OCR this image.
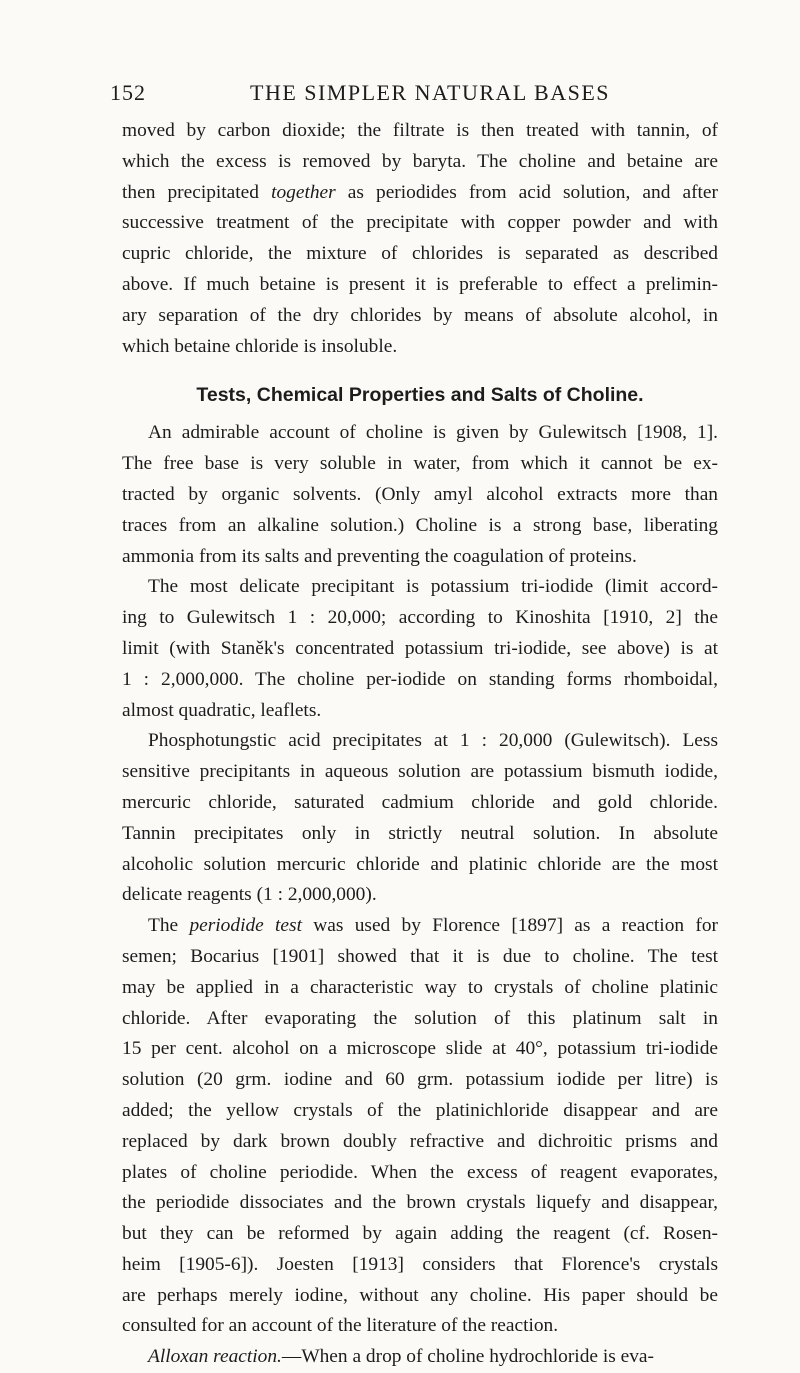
152	THE SIMPLER NATURAL BASES
moved by carbon dioxide; the filtrate is then treated with tannin, of
which the excess is removed by baryta. The choline and betaine are
then precipitated together as periodides from acid solution, and after
successive treatment of the precipitate with copper powder and with
cupric chloride, the mixture of chlorides is separated as described
above. If much betaine is present it is preferable to effect a prelimin-
ary separation of the dry chlorides by means of absolute alcohol, in
which betaine chloride is insoluble.
Tests, Chemical Properties and Salts of Choline.
An admirable account of choline is given by Gulewitsch [1908, 1].
The free base is very soluble in water, from which it cannot be ex-
tracted by organic solvents. (Only amyl alcohol extracts more than
traces from an alkaline solution.) Choline is a strong base, liberating
ammonia from its salts and preventing the coagulation of proteins.
The most delicate precipitant is potassium tri-iodide (limit accord-
ing to Gulewitsch 1 : 20,000; according to Kinoshita [1910, 2] the
limit (with Staněk's concentrated potassium tri-iodide, see above) is at
1 : 2,000,000. The choline per-iodide on standing forms rhomboidal,
almost quadratic, leaflets.
Phosphotungstic acid precipitates at 1 : 20,000 (Gulewitsch). Less
sensitive precipitants in aqueous solution are potassium bismuth iodide,
mercuric chloride, saturated cadmium chloride and gold chloride.
Tannin precipitates only in strictly neutral solution. In absolute
alcoholic solution mercuric chloride and platinic chloride are the most
delicate reagents (1 : 2,000,000).
The periodide test was used by Florence [1897] as a reaction for
semen; Bocarius [1901] showed that it is due to choline. The test
may be applied in a characteristic way to crystals of choline platinic
chloride. After evaporating the solution of this platinum salt in
15 per cent. alcohol on a microscope slide at 40°, potassium tri-iodide
solution (20 grm. iodine and 60 grm. potassium iodide per litre) is
added; the yellow crystals of the platinichloride disappear and are
replaced by dark brown doubly refractive and dichroitic prisms and
plates of choline periodide. When the excess of reagent evaporates,
the periodide dissociates and the brown crystals liquefy and disappear,
but they can be reformed by again adding the reagent (cf. Rosen-
heim [1905-6]). Joesten [1913] considers that Florence's crystals
are perhaps merely iodine, without any choline. His paper should be
consulted for an account of the literature of the reaction.
Alloxan reaction.—When a drop of choline hydrochloride is eva-
